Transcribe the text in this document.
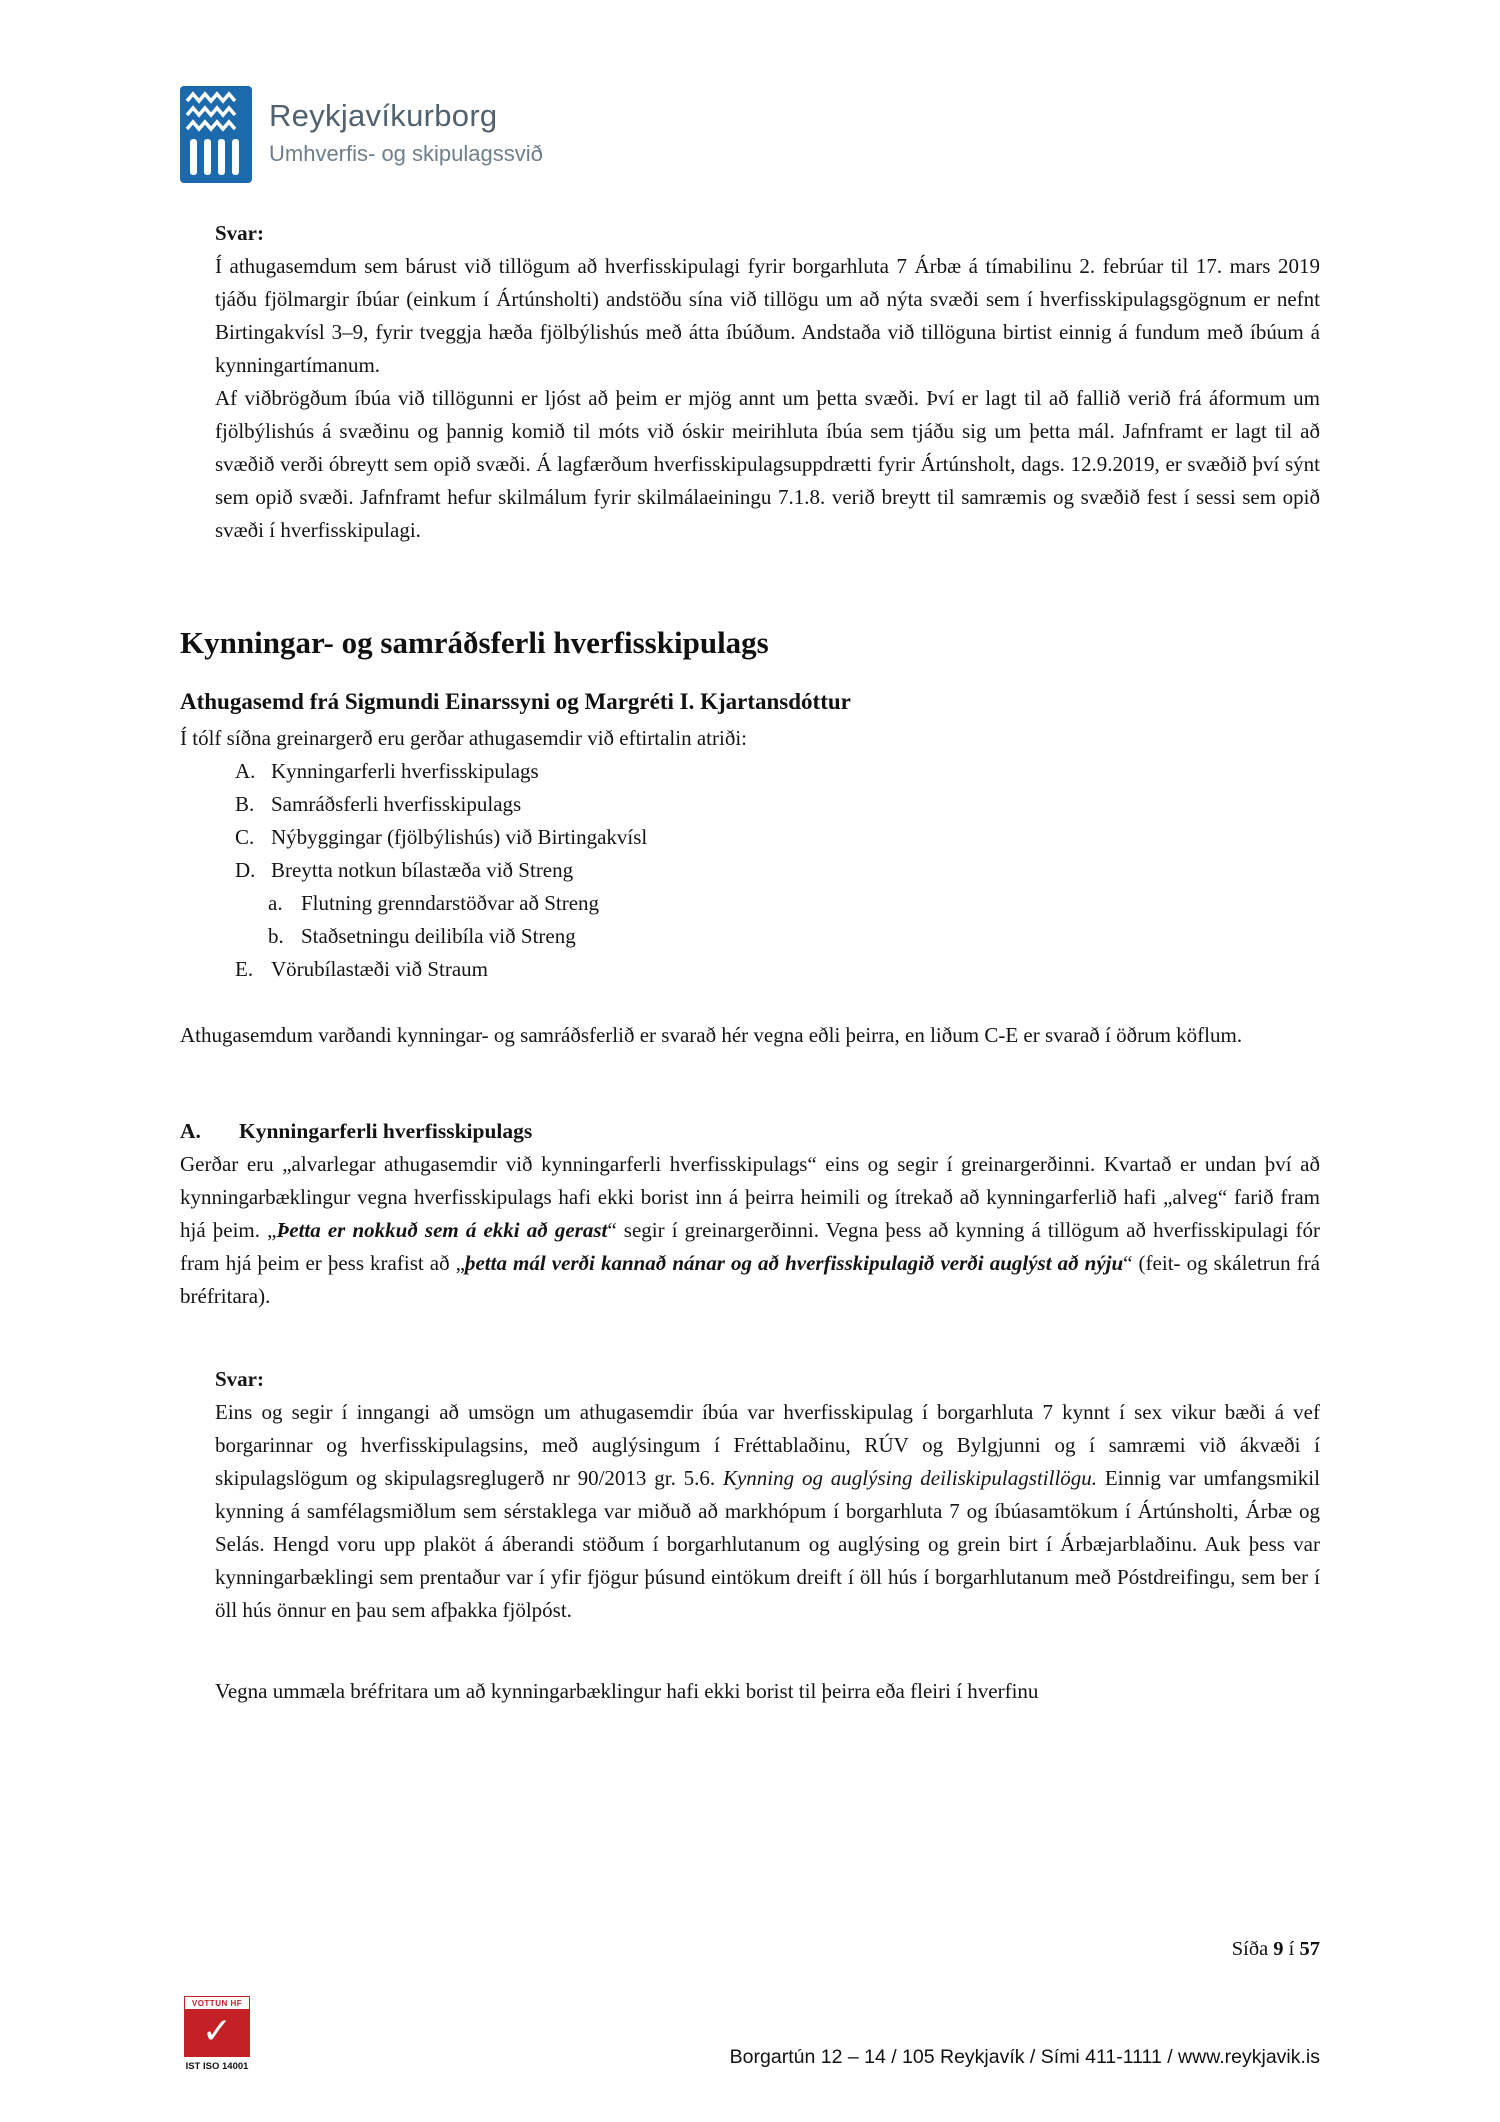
Reykjavíkurborg
Umhverfis- og skipulagssvið
Svar:

Í athugasemdum sem bárust við tillögum að hverfisskipulagi fyrir borgarhluta 7 Árbæ á tímabilinu 2. febrúar til 17. mars 2019 tjáðu fjölmargir íbúar (einkum í Ártúnsholti) andstöðu sína við tillögu um að nýta svæði sem í hverfisskipulagsgögnum er nefnt Birtingakvísl 3–9, fyrir tveggja hæða fjölbýlishús með átta íbúðum. Andstaða við tillöguna birtist einnig á fundum með íbúum á kynningartímanum.

Af viðbrögðum íbúa við tillögunni er ljóst að þeim er mjög annt um þetta svæði. Því er lagt til að fallið verið frá áformum um fjölbýlishús á svæðinu og þannig komið til móts við óskir meirihluta íbúa sem tjáðu sig um þetta mál. Jafnframt er lagt til að svæðið verði óbreytt sem opið svæði. Á lagfærðum hverfisskipulagsuppdrætti fyrir Ártúnsholt, dags. 12.9.2019, er svæðið því sýnt sem opið svæði. Jafnframt hefur skilmálum fyrir skilmálaeiningu 7.1.8. verið breytt til samræmis og svæðið fest í sessi sem opið svæði í hverfisskipulagi.

Kynningar- og samráðsferli hverfisskipulags
Athugasemd frá Sigmundi Einarssyni og Margréti I. Kjartansdóttur

Í tólf síðna greinargerð eru gerðar athugasemdir við eftirtalin atriði:

A. Kynningarferli hverfisskipulags
B. Samráðsferli hverfisskipulags
C. Nýbyggingar (fjölbýlishús) við Birtingakvísl
D. Breytta notkun bílastæða við Streng
a. Flutning grenndarstöðvar að Streng
b. Staðsetningu deilibíla við Streng
E. Vörubílastæði við Straum

Athugasemdum varðandi kynningar- og samráðsferlið er svarað hér vegna eðli þeirra, en liðum C-E er svarað í öðrum köflum.

A. Kynningarferli hverfisskipulags

Gerðar eru „alvarlegar athugasemdir við kynningarferli hverfisskipulags“ eins og segir í greinargerðinni. Kvartað er undan því að kynningarbæklingur vegna hverfisskipulags hafi ekki borist inn á þeirra heimili og ítrekað að kynningarferlið hafi „alveg“ farið fram hjá þeim. „Þetta er nokkuð sem á ekki að gerast“ segir í greinargerðinni. Vegna þess að kynning á tillögum að hverfisskipulagi fór fram hjá þeim er þess krafist að „þetta mál verði kannað nánar og að hverfisskipulagið verði auglýst að nýju“ (feit- og skáletrun frá bréfritara).

Svar:

Eins og segir í inngangi að umsögn um athugasemdir íbúa var hverfisskipulag í borgarhluta 7 kynnt í sex vikur bæði á vef borgarinnar og hverfisskipulagsins, með auglýsingum í Fréttablaðinu, RÚV og Bylgjunni og í samræmi við ákvæði í skipulagslögum og skipulagsreglugerð nr 90/2013 gr. 5.6. Kynning og auglýsing deiliskipulagstillögu. Einnig var umfangsmikil kynning á samfélagsmiðlum sem sérstaklega var miðuð að markhópum í borgarhluta 7 og íbúasamtökum í Ártúnsholti, Árbæ og Selás. Hengd voru upp plaköt á áberandi stöðum í borgarhlutanum og auglýsing og grein birt í Árbæjarblaðinu. Auk þess var kynningarbæklingi sem prentaður var í yfir fjögur þúsund eintökum dreift í öll hús í borgarhlutanum með Póstdreifingu, sem ber í öll hús önnur en þau sem afþakka fjölpóst.

Vegna ummæla bréfritara um að kynningarbæklingur hafi ekki borist til þeirra eða fleiri í hverfinu

Síða 9 í 57
VOTTUN HF
✓
IST ISO 14001	Borgartún 12 – 14 / 105 Reykjavík / Sími 411-1111 / www.reykjavik.is
